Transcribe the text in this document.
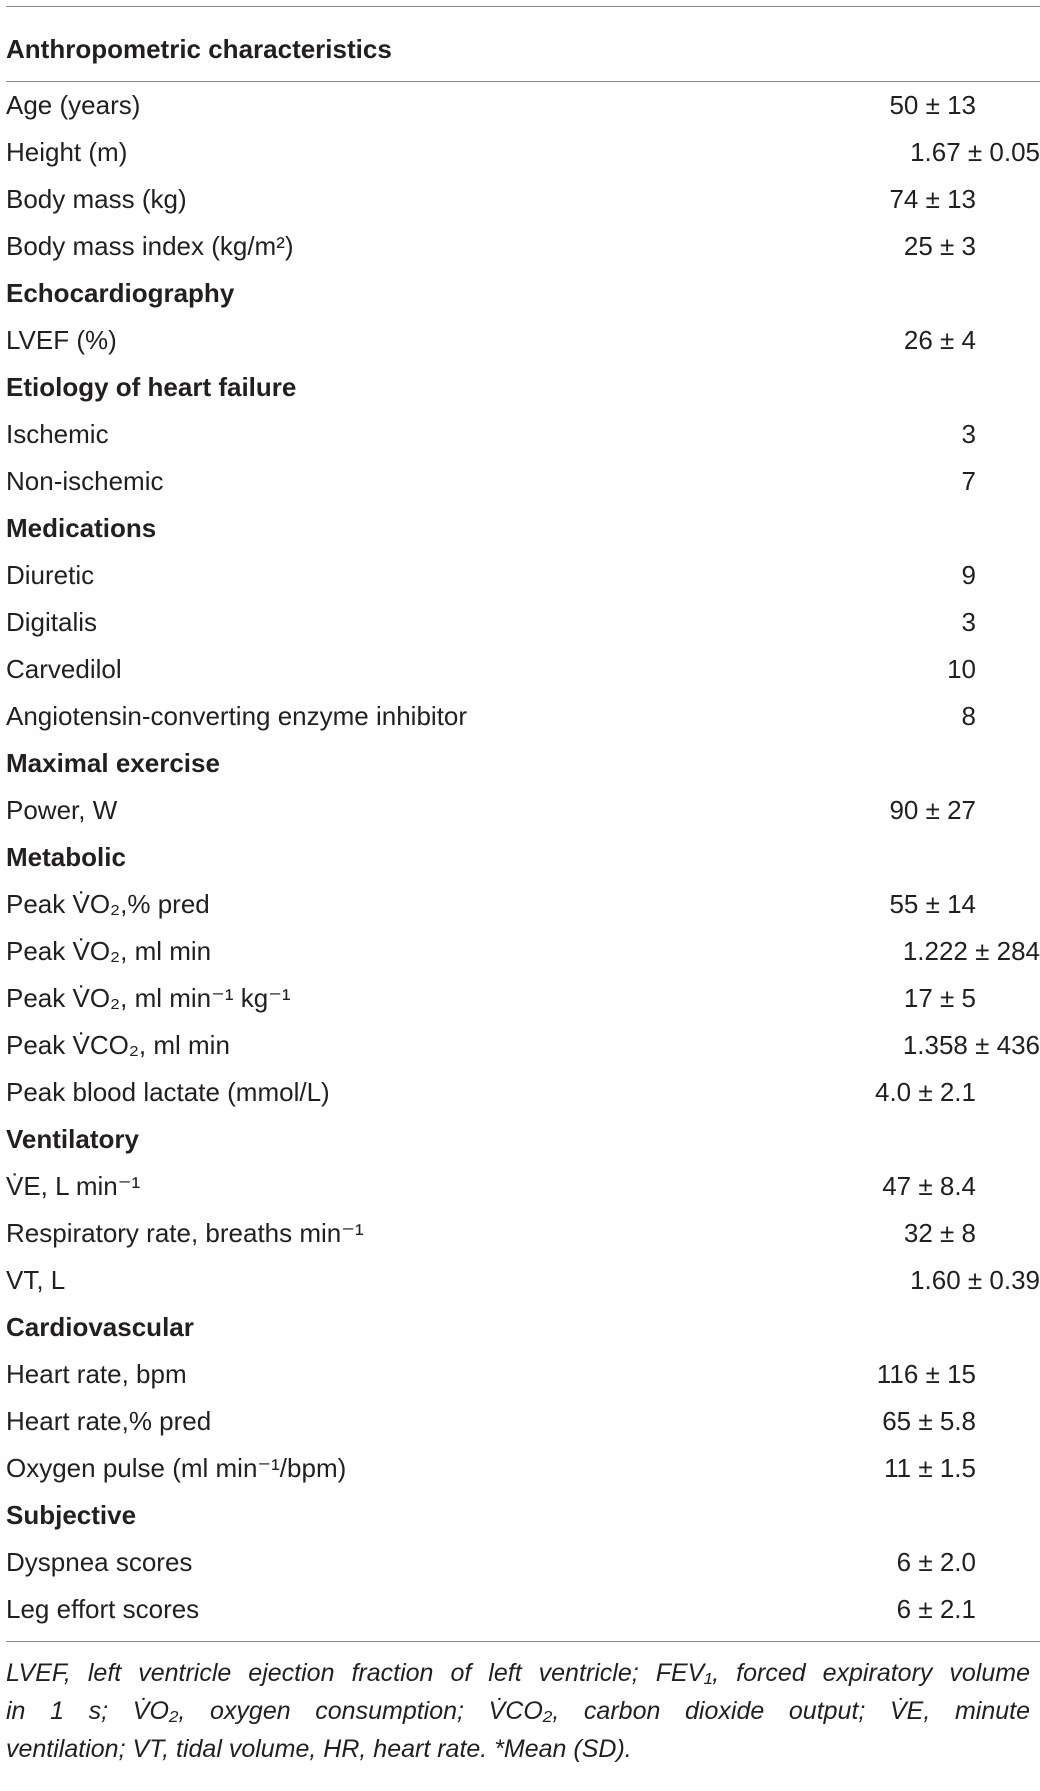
Anthropometric characteristics
Age (years)	50 ± 13
Height (m)	1.67 ± 0.05
Body mass (kg)	74 ± 13
Body mass index (kg/m²)	25 ± 3
Echocardiography
LVEF (%)	26 ± 4
Etiology of heart failure
Ischemic	3
Non-ischemic	7
Medications
Diuretic	9
Digitalis	3
Carvedilol	10
Angiotensin-converting enzyme inhibitor	8
Maximal exercise
Power, W	90 ± 27
Metabolic
Peak V̇O₂,% pred	55 ± 14
Peak V̇O₂, ml min	1.222 ± 284
Peak V̇O₂, ml min⁻¹ kg⁻¹	17 ± 5
Peak V̇CO₂, ml min	1.358 ± 436
Peak blood lactate (mmol/L)	4.0 ± 2.1
Ventilatory
V̇E, L min⁻¹	47 ± 8.4
Respiratory rate, breaths min⁻¹	32 ± 8
VT, L	1.60 ± 0.39
Cardiovascular
Heart rate, bpm	116 ± 15
Heart rate,% pred	65 ± 5.8
Oxygen pulse (ml min⁻¹/bpm)	11 ± 1.5
Subjective
Dyspnea scores	6 ± 2.0
Leg effort scores	6 ± 2.1
LVEF, left ventricle ejection fraction of left ventricle; FEV₁, forced expiratory volume
in 1 s; V̇O₂, oxygen consumption; V̇CO₂, carbon dioxide output; V̇E, minute
ventilation; VT, tidal volume, HR, heart rate. *Mean (SD).
